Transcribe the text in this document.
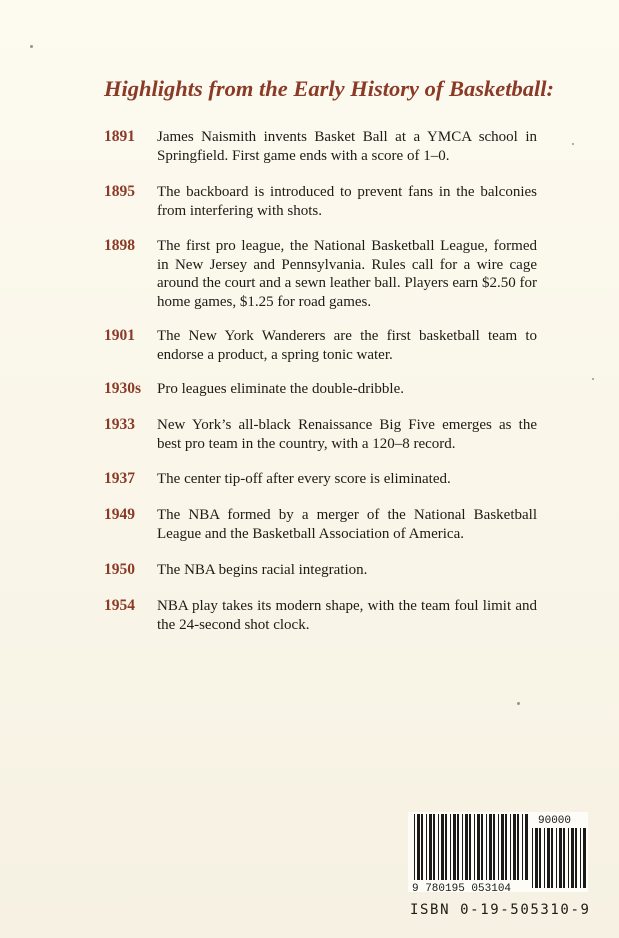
Highlights from the Early History of Basketball:
1891 James Naismith invents Basket Ball at a YMCA school in Springfield. First game ends with a score of 1–0.
1895 The backboard is introduced to prevent fans in the balconies from interfering with shots.
1898 The first pro league, the National Basketball League, formed in New Jersey and Pennsylvania. Rules call for a wire cage around the court and a sewn leather ball. Players earn $2.50 for home games, $1.25 for road games.
1901 The New York Wanderers are the first basketball team to endorse a product, a spring tonic water.
1930s Pro leagues eliminate the double-dribble.
1933 New York’s all-black Renaissance Big Five emerges as the best pro team in the country, with a 120–8 record.
1937 The center tip-off after every score is eliminated.
1949 The NBA formed by a merger of the National Basketball League and the Basketball Association of America.
1950 The NBA begins racial integration.
1954 NBA play takes its modern shape, with the team foul limit and the 24-second shot clock.
9 780195 053104
90000
ISBN 0-19-505310-9
